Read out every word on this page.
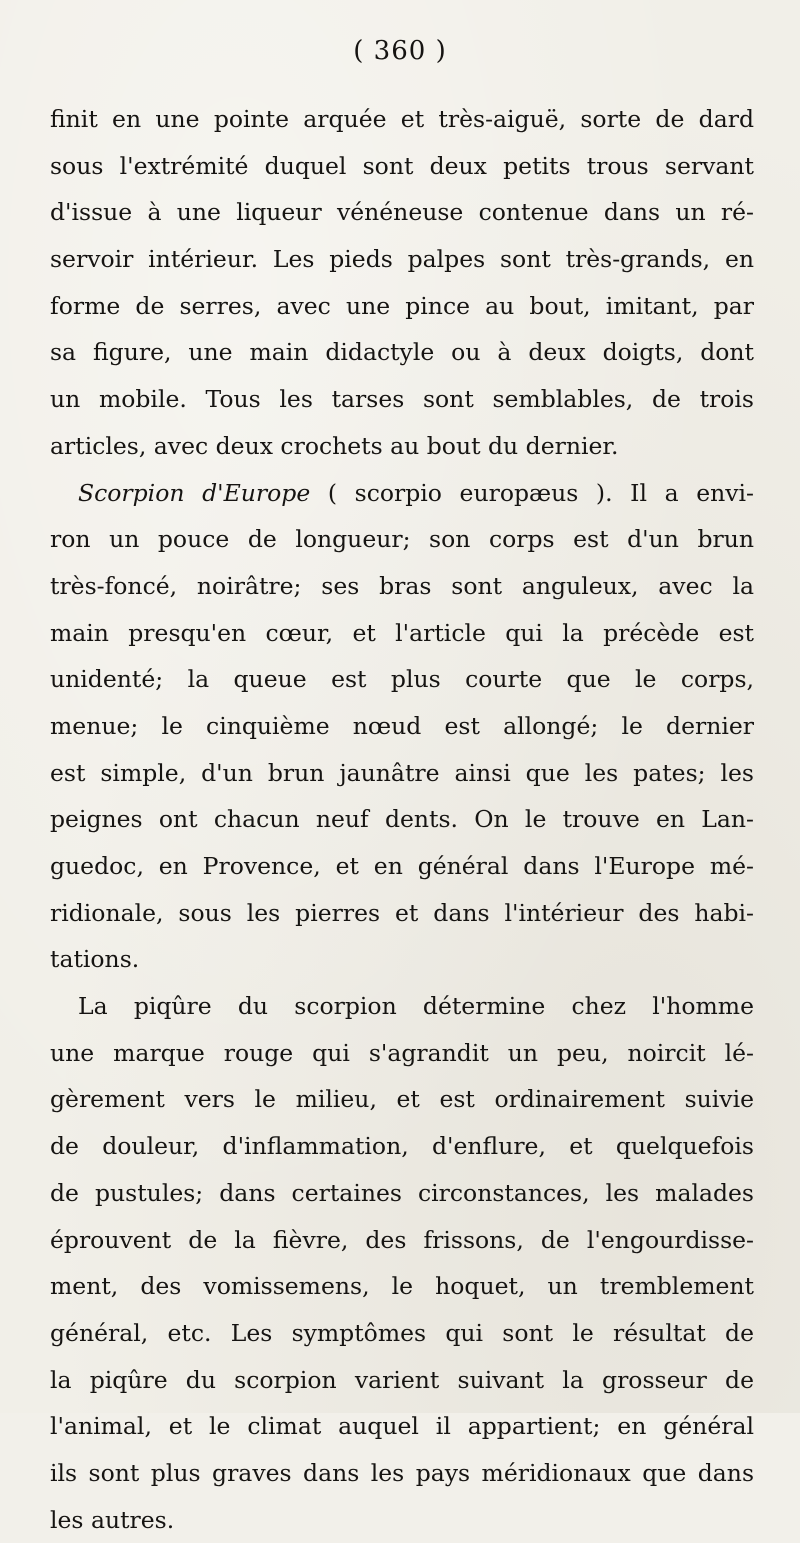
( 360 )
finit en une pointe arquée et très-aiguë, sorte de dard
sous l'extrémité duquel sont deux petits trous servant
d'issue à une liqueur vénéneuse contenue dans un ré-
servoir intérieur. Les pieds palpes sont très-grands, en
forme de serres, avec une pince au bout, imitant, par
sa figure, une main didactyle ou à deux doigts, dont
un mobile. Tous les tarses sont semblables, de trois
articles, avec deux crochets au bout du dernier.
Scorpion d'Europe ( scorpio europæus ). Il a envi-
ron un pouce de longueur; son corps est d'un brun
très-foncé, noirâtre; ses bras sont anguleux, avec la
main presqu'en cœur, et l'article qui la précède est
unidenté; la queue est plus courte que le corps,
menue; le cinquième nœud est allongé; le dernier
est simple, d'un brun jaunâtre ainsi que les pates; les
peignes ont chacun neuf dents. On le trouve en Lan-
guedoc, en Provence, et en général dans l'Europe mé-
ridionale, sous les pierres et dans l'intérieur des habi-
tations.
La piqûre du scorpion détermine chez l'homme
une marque rouge qui s'agrandit un peu, noircit lé-
gèrement vers le milieu, et est ordinairement suivie
de douleur, d'inflammation, d'enflure, et quelquefois
de pustules; dans certaines circonstances, les malades
éprouvent de la fièvre, des frissons, de l'engourdisse-
ment, des vomissemens, le hoquet, un tremblement
général, etc. Les symptômes qui sont le résultat de
la piqûre du scorpion varient suivant la grosseur de
l'animal, et le climat auquel il appartient; en général
ils sont plus graves dans les pays méridionaux que dans
les autres.
